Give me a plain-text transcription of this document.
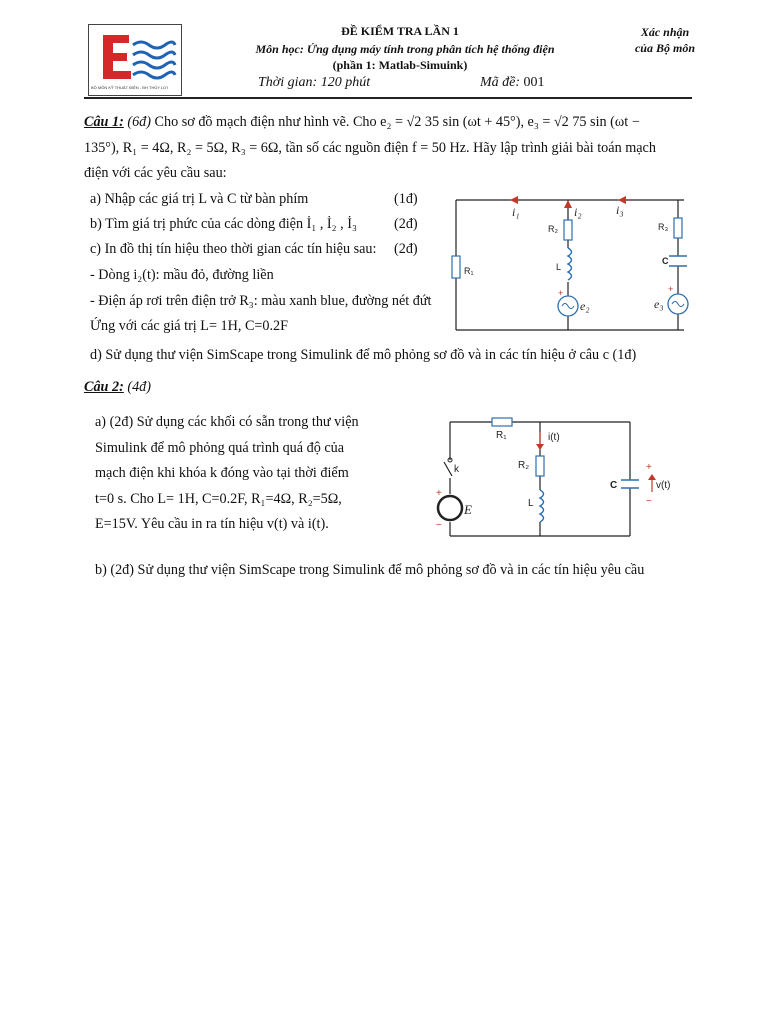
BỘ MÔN KỸ THUẬT ĐIỆN - ĐH THỦY LỢI
ĐỀ KIỂM TRA LẦN 1
Môn học: Ứng dụng máy tính trong phân tích hệ thống điện
(phần 1: Matlab-Simuink)
Thời gian: 120 phút	Mã đề: 001
Xác nhận
của Bộ môn
Câu 1: (6đ) Cho sơ đồ mạch điện như hình vẽ. Cho e₂ = √2 35 sin (ωt + 45°), e₃ = √2 75 sin (ωt −
135°), R₁ = 4Ω, R₂ = 5Ω, R₃ = 6Ω, tần số các nguồn điện f = 50 Hz. Hãy lập trình giải bài toán mạch
điện với các yêu cầu sau:
a) Nhập các giá trị L và C từ bàn phím	(1đ)
b) Tìm giá trị phức của các dòng điện İ₁ , İ₂ , İ₃	(2đ)
c) In đồ thị tín hiệu theo thời gian các tín hiệu sau: (2đ)
- Dòng i₂(t): mầu đỏ, đường liền
- Điện áp rơi trên điện trở R₃: màu xanh blue, đường nét đứt
Ứng với các giá trị L= 1H, C=0.2F
d) Sử dụng thư viện SimScape trong Simulink để mô phỏng sơ đồ và in các tín hiệu ở câu c (1đ)
i₁	i₂	i₃
e₂	e₃
R₁
R₂	R₃
L
C
+	+
Câu 2: (4đ)
a) (2đ) Sử dụng các khối có sẵn trong thư viện
Simulink để mô phỏng quá trình quá độ của
mạch điện khi khóa k đóng vào tại thời điểm
t=0 s. Cho L= 1H, C=0.2F, R₁=4Ω, R₂=5Ω,
E=15V. Yêu cầu in ra tín hiệu v(t) và i(t).
b) (2đ) Sử dụng thư viện SimScape trong Simulink để mô phỏng sơ đồ và in các tín hiệu yêu cầu
E
R₁
R₂
L
C
k
i(t)
v(t)
+
−
+
−
